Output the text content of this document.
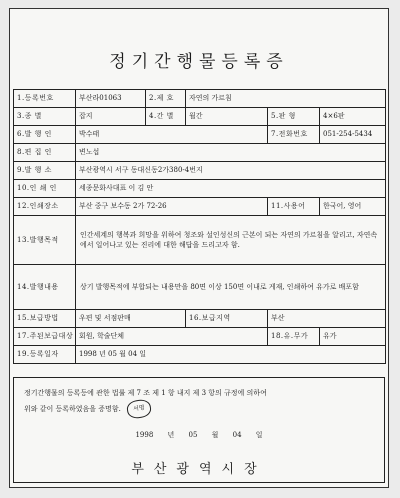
정기간행물등록증
1.등록번호	부산라01063	2.제 호	자연의 가르침		
3.종 별	잡지	4.간 별	월간	5.판 형	4×6판
6.발 행 인	박수태			7.전화번호	051-254-5434
8.편 집 인	변노섭				
9.발 행 소	부산광역시 서구 동대신동2가380-4번지				
10.인 쇄 인	세종문화사대표 이 김 안				
12.인쇄장소	부산 중구 보수동 2가 72-26			11.사용어	한국어, 영어
13.발행목적	인간세계의 행복과 희망을 위하여 청조와 설인성신의 근본이 되는 자연의 가르침을 알리고, 자연속에서 일어나고 있는 진리에 대한 해답을 드리고자 함.				
14.발행내용	상기 발행목적에 부합되는 내용만을 80면 이상 150면 이내로 게재, 인쇄하여 유가로 배포함				
15.보급방법	우편 및 서점판매		16.보급지역	부산	
17.주된보급대상	회원, 학술단체			18.유.무가	유가
19.등록일자	1998 년 05 월 04 일				
정기간행물의 등록등에 관한 법률 제 7 조 제 1 항 내지 제 3 항의 규정에 의하여
위와 같이 등록하였음을 증명함. 서명
1998 년 05 월 04 일
부산광역시장
